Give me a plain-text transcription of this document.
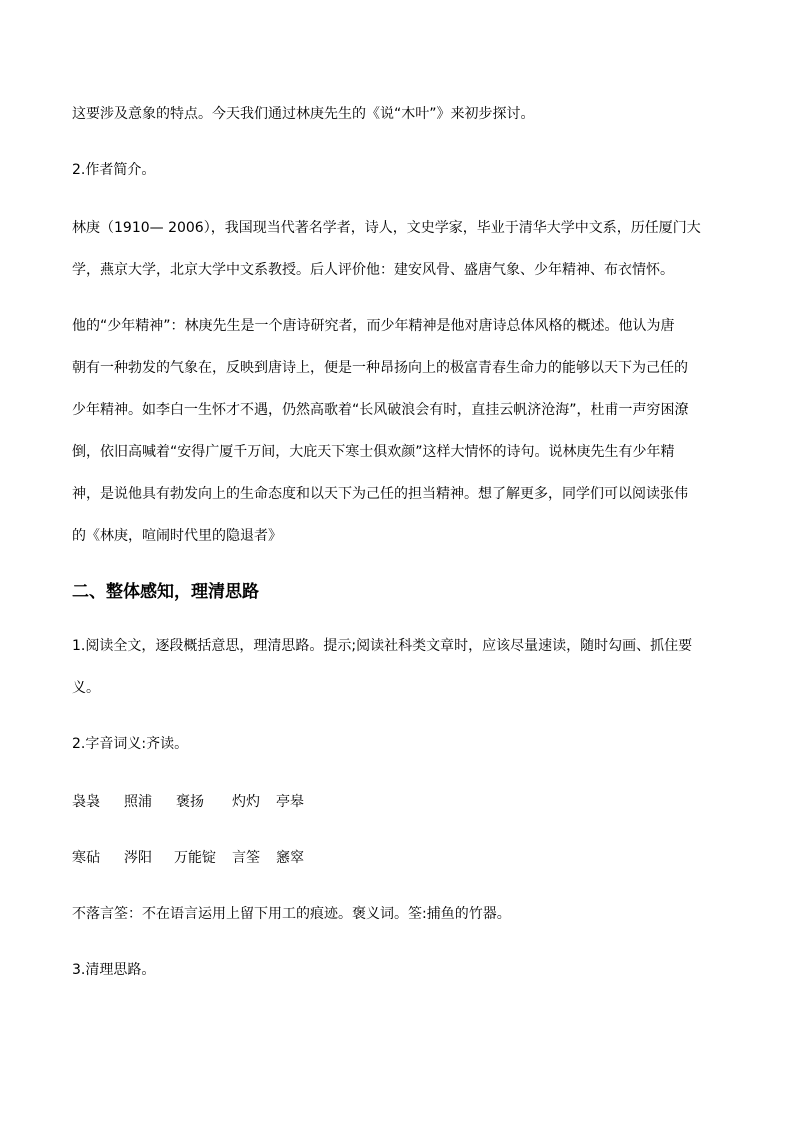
这要涉及意象的特点。今天我们通过林庚先生的《说“木叶”》来初步探讨。
2.作者简介。
林庚（1910— 2006），我国现当代著名学者，诗人，文史学家，毕业于清华大学中文系，历任厦门大
学，燕京大学，北京大学中文系教授。后人评价他：建安风骨、盛唐气象、少年精神、布衣情怀。
他的“少年精神”：林庚先生是一个唐诗研究者，而少年精神是他对唐诗总体风格的概述。他认为唐
朝有一种勃发的气象在，反映到唐诗上，便是一种昂扬向上的极富青春生命力的能够以天下为己任的
少年精神。如李白一生怀才不遇，仍然高歌着“长风破浪会有时，直挂云帆济沧海”，杜甫一声穷困潦
倒，依旧高喊着“安得广厦千万间，大庇天下寒士俱欢颜”这样大情怀的诗句。说林庚先生有少年精
神，是说他具有勃发向上的生命态度和以天下为己任的担当精神。想了解更多，同学们可以阅读张伟
的《林庚，喧闹时代里的隐退者》
二、整体感知，理清思路
1.阅读全文，逐段概括意思，理清思路。提示;阅读社科类文章时，应该尽量速读，随时勾画、抓住要
义。
2.字音词义:齐读。
袅袅 照浦 褒扬 灼灼 亭皋
寒砧 涔阳 万能锭 言筌 窸窣
不落言筌：不在语言运用上留下用工的痕迹。褒义词。筌:捕鱼的竹器。
3.清理思路。
